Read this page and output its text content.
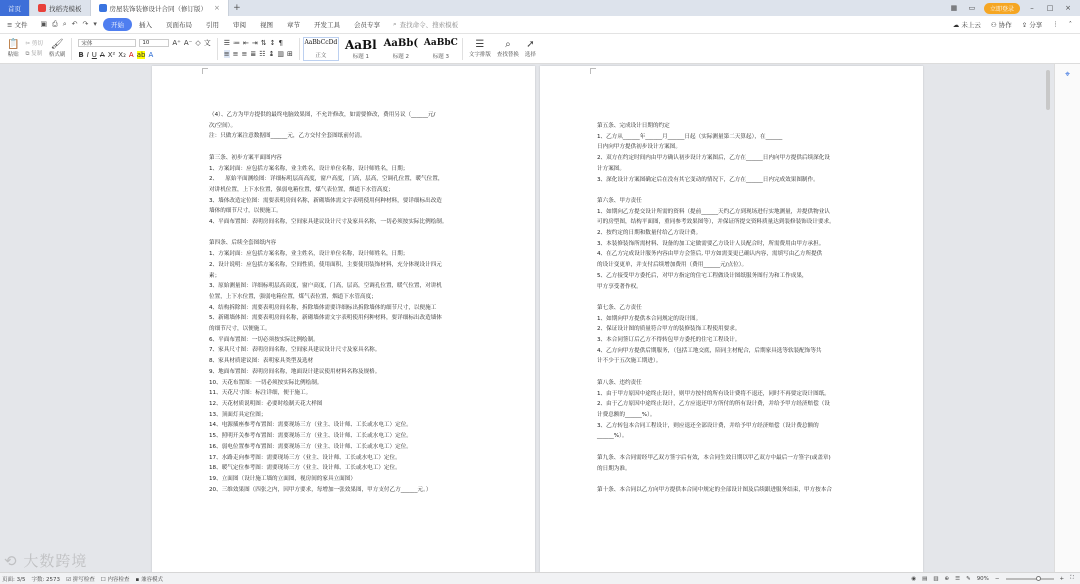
首页	找稻壳模板	房屋装饰装修设计合同（修订版） × +	▦	▭	立即登录	–	□	×
≡ 文件	▣ ⎙ ⌕ ↶ ↷ ▾	开始	插入	页面布局	引用	审阅	视图	章节	开发工具	会员专享	⌕ 查找命令、搜索模板	☁ 未上云 ⚇ 协作 ⇪ 分享 ⋮ ˄
📋
粘贴
✂ 剪切
⧉ 复制
🖌
格式刷
宋体	10	A⁺ A⁻ ◇ 文
B I U A X² X₂ A ab A
☰ ≔ ⇤ ⇥ ⇅ ↕ ¶
≡ ≡ ≡ ≣ ☷ ↨ ▥ ⊞
AaBbCcDd
正文
AaBl
标题 1
AaBb(
标题 2
AaBbC
标题 3
☰
文字排版
⌕
查找替换
➚
选择
（4）、乙方为甲方提供的最终电脑效果图，不允许修改，如需要修改，费用另议（______元/
次/空间）。
注：只做方案注意数据图______元，乙方交付全套图纸前付清。

第三条、初步方案平面图内容
1、方案封面：应包括方案名称，业主姓名，设计单位名称，设计师姓名，日期；
2、    原始平面测绘图：详细标明层高高度，窗户高度，门高，层高，空调孔位置，暖气位置，
对讲机位置，上下水位置，强弱电箱位置，煤气表位置，烟道下水管高度；
3、墙体改造定位图：需要表明房间名称，新砌墙体需文字表明使用何种材料，要详细标出改造
墙体的细节尺寸，以便施工。
4、平面布置图：表明房间名称，空间家具建议设计尺寸及家具名称，一切必须按实际比例绘制。

第四条、后续全套图纸内容
1、方案封面：应包括方案名称，业主姓名，设计单位名称，设计师姓名，日期；
2、设计说明：应包括方案名称，空间性质，使用面积，主要使用装饰材料，充分体现设计四元
素；
3、原始测量图：详细标明层高高度，窗户高度，门高，层高，空调孔位置，暖气位置，对讲机
位置，上下水位置，强弱电箱位置，煤气表位置，烟道下水管高度；
4、结构拆除图：需要表明房间名称，拆除墙体需要详细标出拆除墙体的细节尺寸，以便施工
5、新砌墙体图：需要表明房间名称，新砌墙体需文字表明使用何种材料，要详细标出改造墙体
的细节尺寸，以便施工。
6、平面布置图：一切必须按实际比例绘制。
7、家具尺寸图：表明房间名称，空间家具建议设计尺寸及家具名称。
8、家具材质建议图：表明家具类型及选材
9、地面布置图：表明房间名称，地面设计建议使用材料名称及规格。
10、天花布置图：一切必须按实际比例绘制。
11、天花尺寸图：标注详细，便于施工。
12、天花材质说明图：必要时绘制天花大样图
13、顶面灯具定位图；
14、电源插座参考布置图：需要现场三方（业主、设计师、工长或水电工）定位。
15、照明开关参考布置图：需要现场三方（业主、设计师、工长或水电工）定位。
16、弱电位置参考布置图：需要现场三方（业主、设计师、工长或水电工）定位。
17、水路走向参考图：需要现场三方（业主、设计师、工长或水电工）定位。
18、暖气定位参考图：需要现场三方（业主、设计师、工长或水电工）定位。
19、立面图（设计施工墙的立面图，视房间的家具立面图）
20、三维效果图（四张之内，因甲方要求，每增加一张效果图，甲方支付乙方______元。）
第五条、完成设计日期的约定
1、乙方从______年______月______日起（实际测量第二天算起），在______
日内向甲方提供初步设计方案图。
2、双方在约定时间内由甲方确认初步设计方案图后，乙方在______日内向甲方提供后续深化设
计方案图。
3、深化设计方案图确定后在没有其它变动的情况下，乙方在______日内完成效果图制作。

第六条、甲方责任
1、如期向乙方提交设计所需的资料（提前______天约乙方到现场进行实地测量，并提供物业认
可的房型图，结构平面图，重同参考效果图等），并保证所提交资料质量达到装修装饰设计要求。
2、按约定的日期和数量付给乙方设计费。
3、本装修装饰所需材料、设备的加工定做需要乙方设计人员配合时，所需费用由甲方承担。
4、在乙方完成设计服务内容由甲方会签后, 甲方如需变更已确认内容，需填写由乙方所提供
的设计变更单，并支付后续增加费用（费用______元/点位）。
5、乙方接受甲方委托后，对甲方指定的住宅工程做设计图纸服务图行为和工作成果，
甲方享受著作权。

第七条、乙方责任
1、如期向甲方提供本合同规定的设计图。
2、保证设计图的质量符合甲方的装修装饰工程使用要求。
3、本合同签订后乙方不得转包甲方委托的住宅工程设计。
4、乙方向甲方提供后期服务，（包括工地交底，陪同主材配合，后期家具选等软装配饰等共
计不少于五次施工期进）。

第八条、违约责任
1、由于甲方原因中途终止设计，则甲方按付的所有设计费将不退还，同时不再要定设计图纸。
2、由于乙方原因中途终止设计，乙方应退还甲方所付的所有设计费，并给予甲方经济赔偿（设
计费总额的______%）。
3、乙方转包本合同工程设计，则应退还全部设计费，并给予甲方经济赔偿（设计费总额的
______%）。

第九条、本合同需经甲乙双方签字后有效，本合同生效日期以甲乙双方中最后一方签字(或盖章)
的日期为准。

第十条、本合同以乙方向甲方提供本合同中规定的全部设计图及后续跟进服务结束，甲方按本合
⌖
⟲ 大数跨境
页面: 3/5 字数: 2573 ☑ 拼写检查 ☐ 内容检查 ▪ 兼容模式	◉ ▤ ▥ ⊕ ☰ ✎ 90% −	+ ⛶
